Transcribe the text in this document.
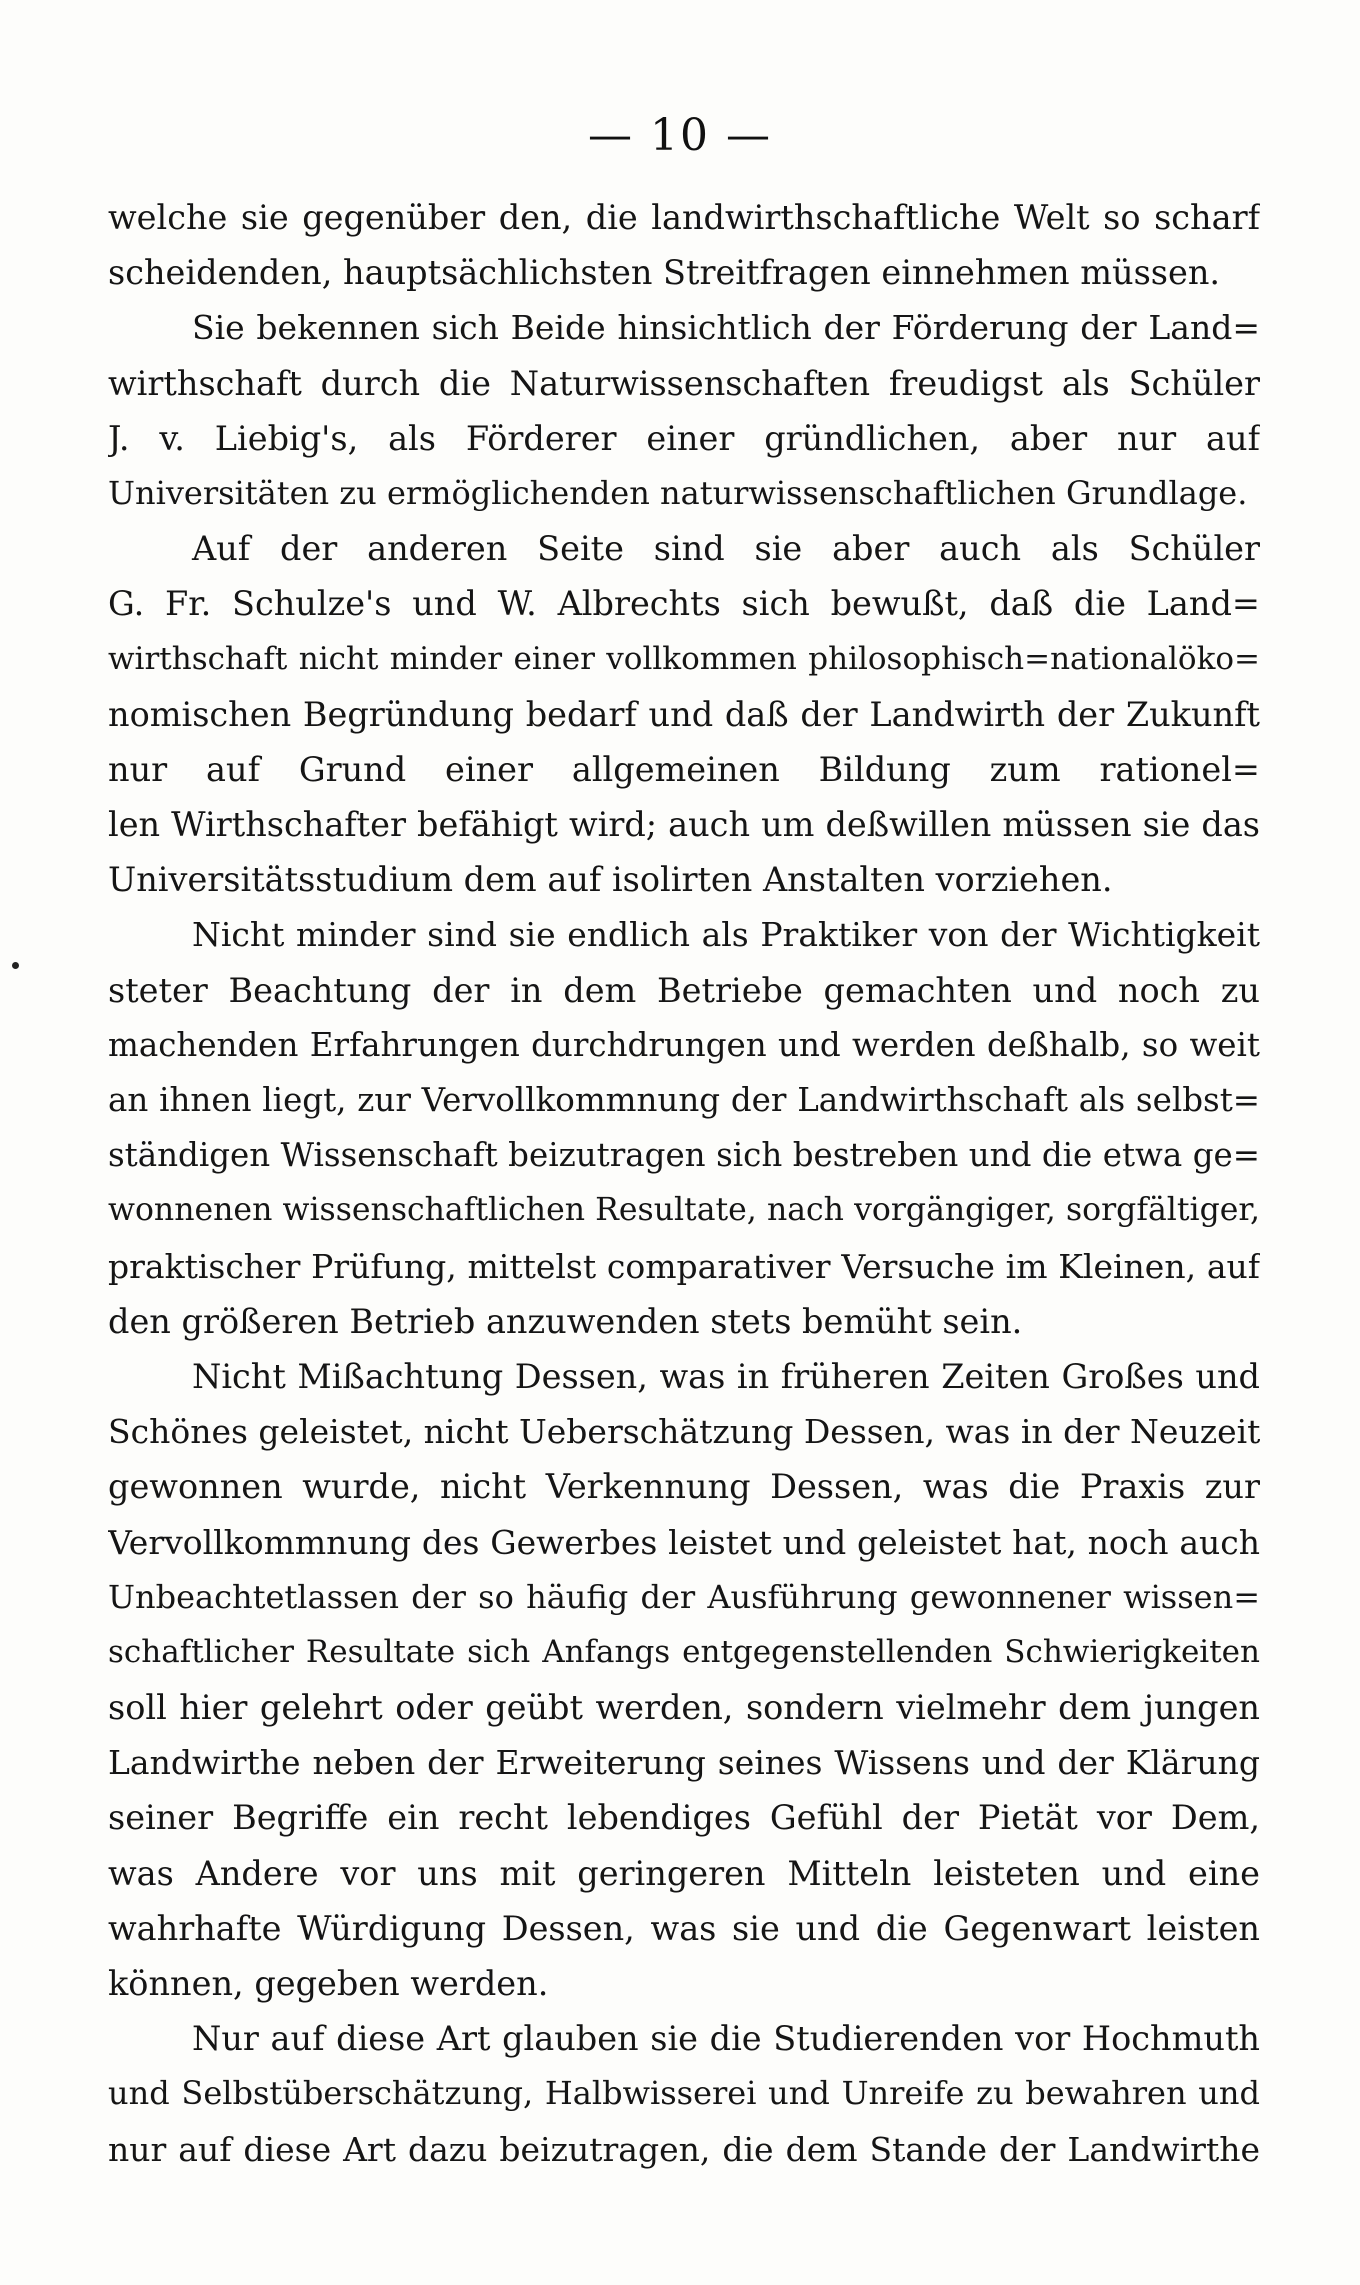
— 10 —
welche sie gegenüber den, die landwirthschaftliche Welt so scharf
scheidenden, hauptsächlichsten Streitfragen einnehmen müssen.
Sie bekennen sich Beide hinsichtlich der Förderung der Land=
wirthschaft durch die Naturwissenschaften freudigst als Schüler
J. v. Liebig's, als Förderer einer gründlichen, aber nur auf
Universitäten zu ermöglichenden naturwissenschaftlichen Grundlage.
Auf der anderen Seite sind sie aber auch als Schüler
G. Fr. Schulze's und W. Albrechts sich bewußt, daß die Land=
wirthschaft nicht minder einer vollkommen philosophisch=nationalöko=
nomischen Begründung bedarf und daß der Landwirth der Zukunft
nur auf Grund einer allgemeinen Bildung zum rationel=
len Wirthschafter befähigt wird; auch um deßwillen müssen sie das
Universitätsstudium dem auf isolirten Anstalten vorziehen.
Nicht minder sind sie endlich als Praktiker von der Wichtigkeit
steter Beachtung der in dem Betriebe gemachten und noch zu
machenden Erfahrungen durchdrungen und werden deßhalb, so weit
an ihnen liegt, zur Vervollkommnung der Landwirthschaft als selbst=
ständigen Wissenschaft beizutragen sich bestreben und die etwa ge=
wonnenen wissenschaftlichen Resultate, nach vorgängiger, sorgfältiger,
praktischer Prüfung, mittelst comparativer Versuche im Kleinen, auf
den größeren Betrieb anzuwenden stets bemüht sein.
Nicht Mißachtung Dessen, was in früheren Zeiten Großes und
Schönes geleistet, nicht Ueberschätzung Dessen, was in der Neuzeit
gewonnen wurde, nicht Verkennung Dessen, was die Praxis zur
Vervollkommnung des Gewerbes leistet und geleistet hat, noch auch
Unbeachtetlassen der so häufig der Ausführung gewonnener wissen=
schaftlicher Resultate sich Anfangs entgegenstellenden Schwierigkeiten
soll hier gelehrt oder geübt werden, sondern vielmehr dem jungen
Landwirthe neben der Erweiterung seines Wissens und der Klärung
seiner Begriffe ein recht lebendiges Gefühl der Pietät vor Dem,
was Andere vor uns mit geringeren Mitteln leisteten und eine
wahrhafte Würdigung Dessen, was sie und die Gegenwart leisten
können, gegeben werden.
Nur auf diese Art glauben sie die Studierenden vor Hochmuth
und Selbstüberschätzung, Halbwisserei und Unreife zu bewahren und
nur auf diese Art dazu beizutragen, die dem Stande der Landwirthe
